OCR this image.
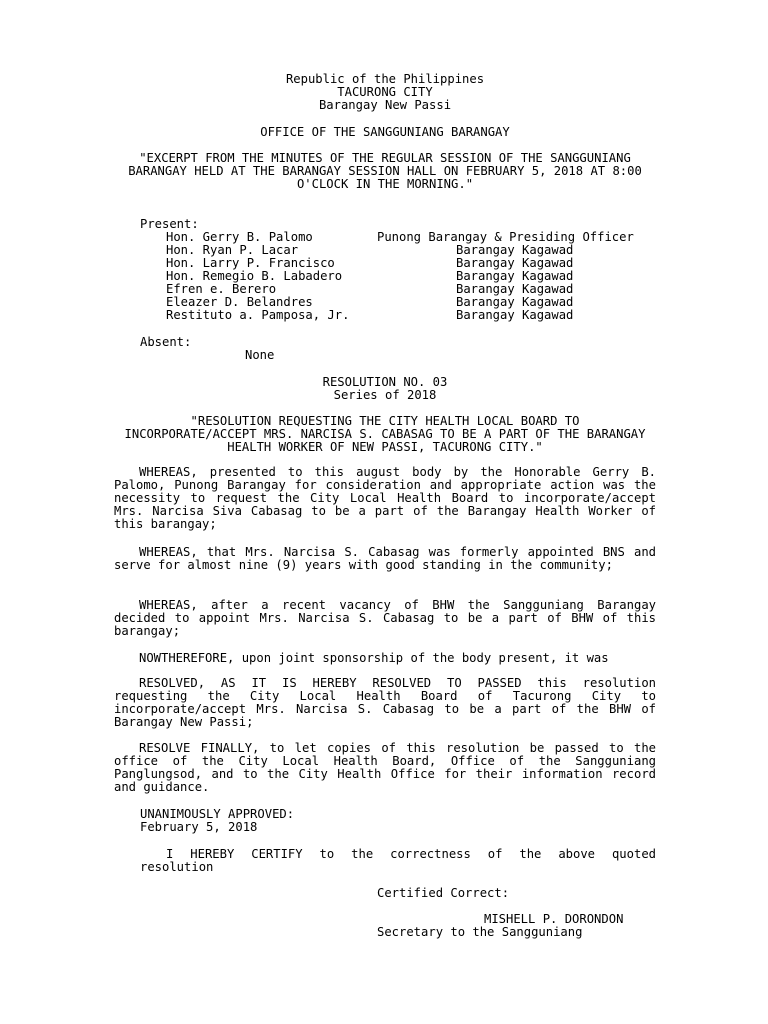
Republic of the Philippines
TACURONG CITY
Barangay New Passi
OFFICE OF THE SANGGUNIANG BARANGAY
"EXCERPT FROM THE MINUTES OF THE REGULAR SESSION OF THE SANGGUNIANG
BARANGAY HELD AT THE BARANGAY SESSION HALL ON FEBRUARY 5, 2018 AT 8:00
O'CLOCK IN THE MORNING."
Present:
Hon. Gerry B. Palomo	Punong Barangay & Presiding Officer
Hon. Ryan P. Lacar	Barangay Kagawad
Hon. Larry P. Francisco	Barangay Kagawad
Hon. Remegio B. Labadero	Barangay Kagawad
Efren e. Berero	Barangay Kagawad
Eleazer D. Belandres	Barangay Kagawad
Restituto a. Pamposa, Jr.	Barangay Kagawad
Absent:
None
RESOLUTION NO. 03
Series of 2018
"RESOLUTION REQUESTING THE CITY HEALTH LOCAL BOARD TO
INCORPORATE/ACCEPT MRS. NARCISA S. CABASAG TO BE A PART OF THE BARANGAY
HEALTH WORKER OF NEW PASSI, TACURONG CITY."
WHEREAS, presented to this august body by the Honorable Gerry B. Palomo, Punong Barangay for consideration and appropriate action was the necessity to request the City Local Health Board to incorporate/accept Mrs. Narcisa Siva Cabasag to be a part of the Barangay Health Worker of this barangay;
WHEREAS, that Mrs. Narcisa S. Cabasag was formerly appointed BNS and serve for almost nine (9) years with good standing in the community;
WHEREAS, after a recent vacancy of BHW the Sangguniang Barangay decided to appoint Mrs. Narcisa S. Cabasag to be a part of BHW of this barangay;
NOWTHEREFORE, upon joint sponsorship of the body present, it was
RESOLVED, AS IT IS HEREBY RESOLVED TO PASSED this resolution requesting the City Local Health Board of Tacurong City to incorporate/accept Mrs. Narcisa S. Cabasag to be a part of the BHW of Barangay New Passi;
RESOLVE FINALLY, to let copies of this resolution be passed to the office of the City Local Health Board, Office of the Sangguniang Panglungsod, and to the City Health Office for their information record and guidance.
UNANIMOUSLY APPROVED:
February 5, 2018
I  HEREBY  CERTIFY  to  the  correctness  of  the  above  quoted
resolution
Certified Correct:
MISHELL P. DORONDON
Secretary to the Sangguniang
